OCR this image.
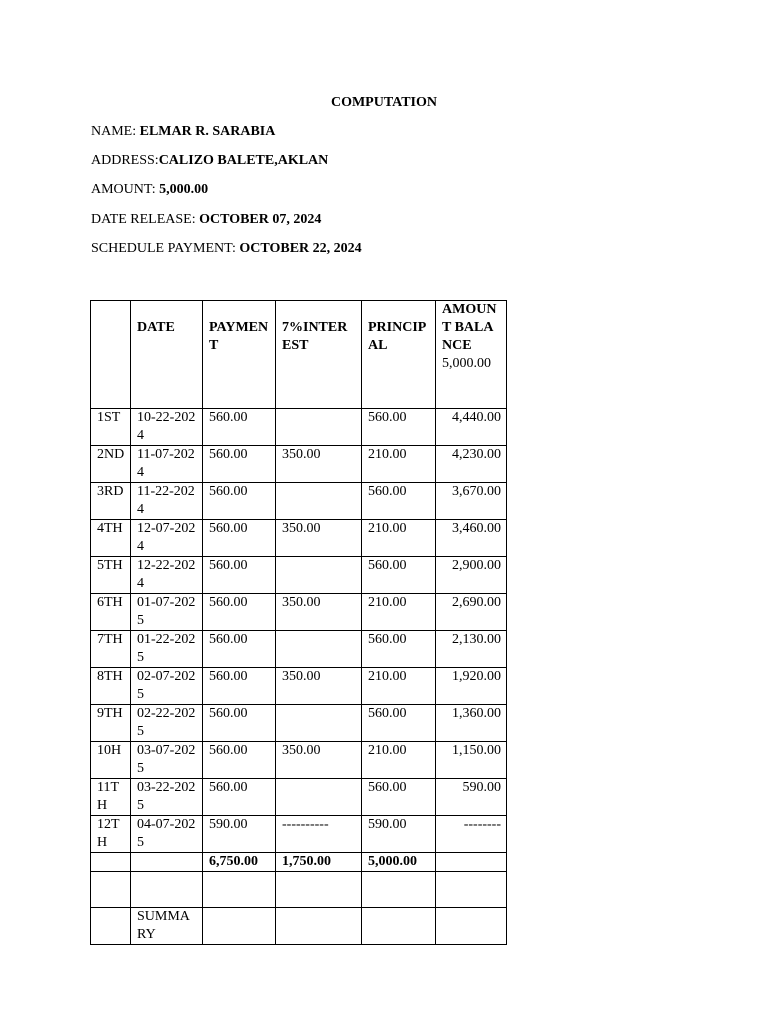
COMPUTATION
NAME: ELMAR R. SARABIA
ADDRESS:CALIZO BALETE,AKLAN
AMOUNT: 5,000.00
DATE RELEASE: OCTOBER 07, 2024
SCHEDULE PAYMENT: OCTOBER 22, 2024
	DATE	PAYMENT	7%INTEREST	PRINCIPAL	AMOUNT BALANCE
5,000.00

1ST	10-22-2024	560.00		560.00	4,440.00
2ND	11-07-2024	560.00	350.00	210.00	4,230.00
3RD	11-22-2024	560.00		560.00	3,670.00
4TH	12-07-2024	560.00	350.00	210.00	3,460.00
5TH	12-22-2024	560.00		560.00	2,900.00
6TH	01-07-2025	560.00	350.00	210.00	2,690.00
7TH	01-22-2025	560.00		560.00	2,130.00
8TH	02-07-2025	560.00	350.00	210.00	1,920.00
9TH	02-22-2025	560.00		560.00	1,360.00
10H	03-07-2025	560.00	350.00	210.00	1,150.00
11TH	03-22-2025	560.00		560.00	590.00
12TH	04-07-2025	590.00	----------	590.00	--------
		6,750.00	1,750.00	5,000.00	

	SUMMARY				
